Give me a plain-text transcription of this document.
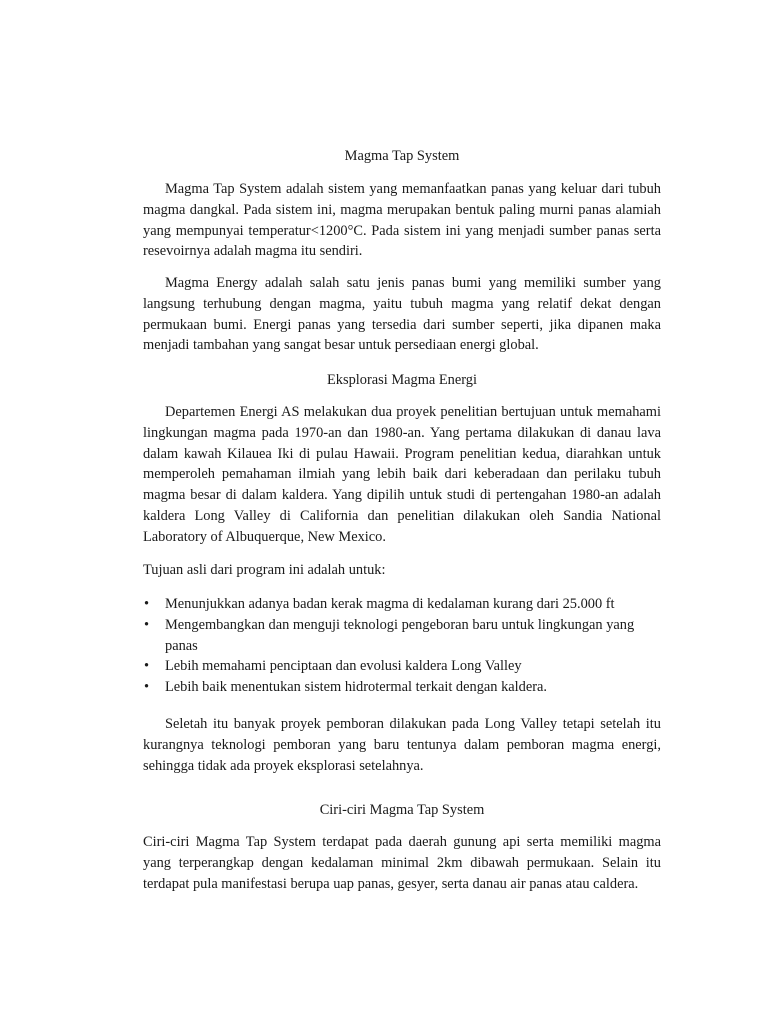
Magma Tap System

Magma Tap System adalah sistem yang memanfaatkan panas yang keluar dari tubuh magma dangkal. Pada sistem ini, magma merupakan bentuk paling murni panas alamiah yang mempunyai temperatur<1200°C. Pada sistem ini yang menjadi sumber panas serta resevoirnya adalah magma itu sendiri.

Magma Energy adalah salah satu jenis panas bumi yang memiliki sumber yang langsung terhubung dengan magma, yaitu tubuh magma yang relatif dekat dengan permukaan bumi. Energi panas yang tersedia dari sumber seperti, jika dipanen maka menjadi tambahan yang sangat besar untuk persediaan energi global.

Eksplorasi Magma Energi

Departemen Energi AS melakukan dua proyek penelitian bertujuan untuk memahami lingkungan magma pada 1970-an dan 1980-an. Yang pertama dilakukan di danau lava dalam kawah Kilauea Iki di pulau Hawaii. Program penelitian kedua, diarahkan untuk memperoleh pemahaman ilmiah yang lebih baik dari keberadaan dan perilaku tubuh magma besar di dalam kaldera. Yang dipilih untuk studi di pertengahan 1980-an adalah kaldera Long Valley di California dan penelitian dilakukan oleh Sandia National Laboratory of Albuquerque, New Mexico.

Tujuan asli dari program ini adalah untuk:

•	Menunjukkan adanya badan kerak magma di kedalaman kurang dari 25.000 ft
•	Mengembangkan dan menguji teknologi pengeboran baru untuk lingkungan yang panas
•	Lebih memahami penciptaan dan evolusi kaldera Long Valley
•	Lebih baik menentukan sistem hidrotermal terkait dengan kaldera.

Seletah itu banyak proyek pemboran dilakukan pada Long Valley tetapi setelah itu kurangnya teknologi pemboran yang baru tentunya dalam pemboran magma energi, sehingga tidak ada proyek eksplorasi setelahnya.

Ciri-ciri Magma Tap System

Ciri-ciri Magma Tap System terdapat pada daerah gunung api serta memiliki magma yang terperangkap dengan kedalaman minimal 2km dibawah permukaan. Selain itu terdapat pula manifestasi berupa uap panas, gesyer, serta danau air panas atau caldera.
